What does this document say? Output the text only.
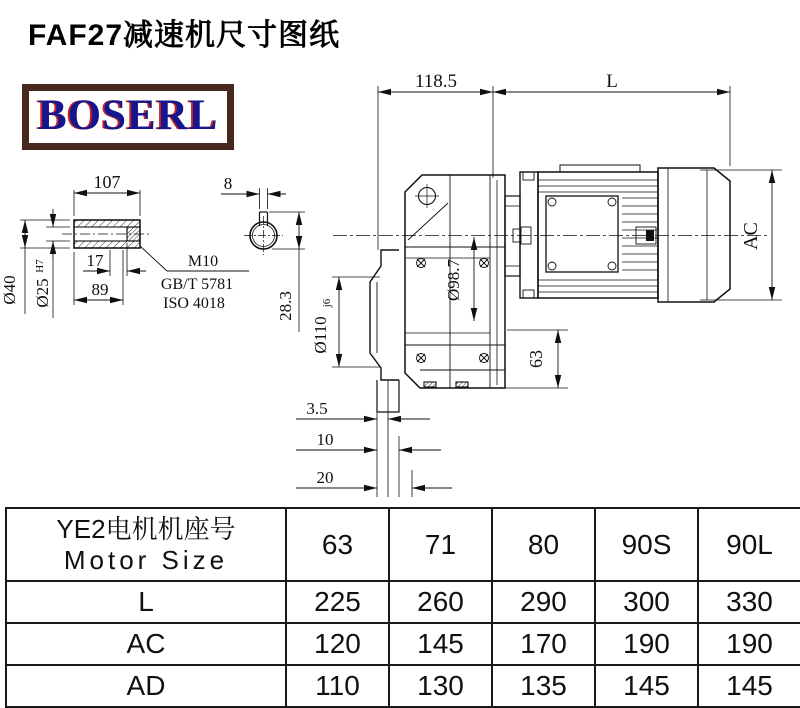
FAF27减速机尺寸图纸
BOSERL
107
Ø40 Ø25
H7 17
89
M10
GB/T 5781
ISO 4018
8
28.3
118.5	L
AC
Ø110
j6
Ø98.7
63
3.5
10
20
YE2电机机座号
Motor Size	63	71	80	90S	90L
L	225	260	290	300	330
AC	120	145	170	190	190
AD	110	130	135	145	145
